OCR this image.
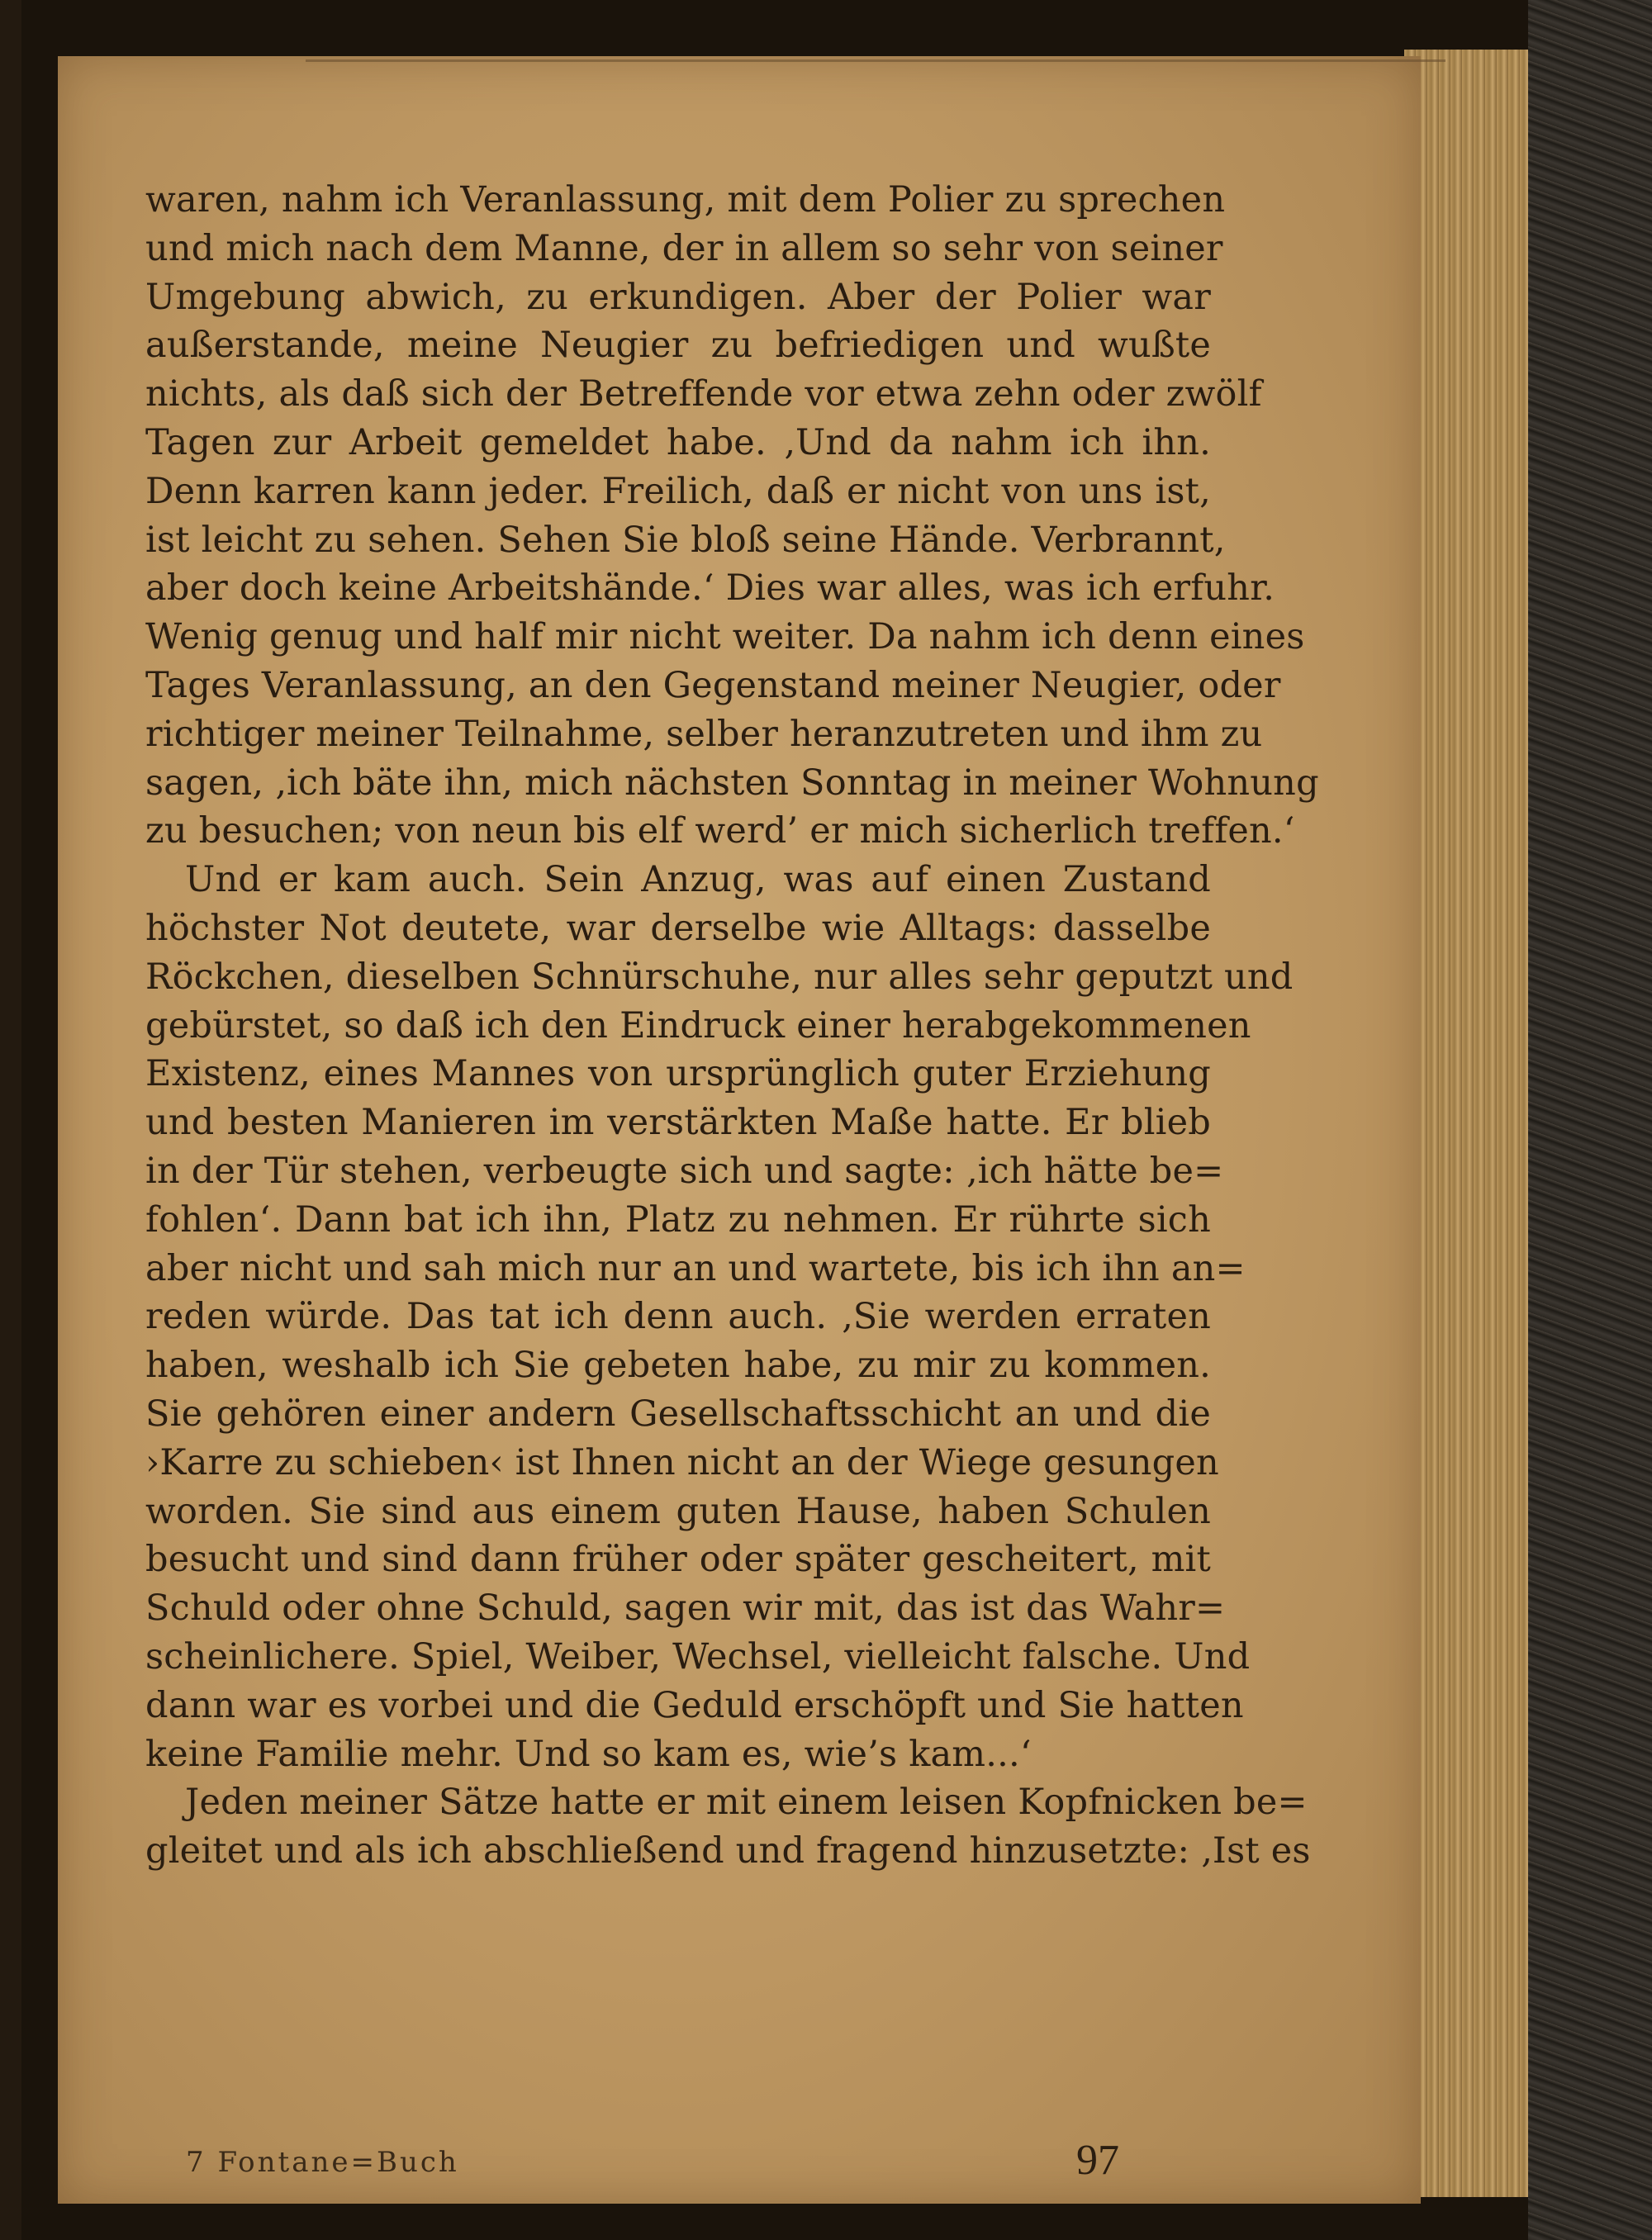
waren, nahm ich Veranlassung, mit dem Polier zu sprechen
und mich nach dem Manne, der in allem so sehr von seiner
Umgebung abwich, zu erkundigen. Aber der Polier war
außerstande, meine Neugier zu befriedigen und wußte
nichts, als daß sich der Betreffende vor etwa zehn oder zwölf
Tagen zur Arbeit gemeldet habe. ‚Und da nahm ich ihn.
Denn karren kann jeder. Freilich, daß er nicht von uns ist,
ist leicht zu sehen. Sehen Sie bloß seine Hände. Verbrannt,
aber doch keine Arbeitshände.‘ Dies war alles, was ich erfuhr.
Wenig genug und half mir nicht weiter. Da nahm ich denn eines
Tages Veranlassung, an den Gegenstand meiner Neugier, oder
richtiger meiner Teilnahme, selber heranzutreten und ihm zu
sagen, ‚ich bäte ihn, mich nächsten Sonntag in meiner Wohnung
zu besuchen; von neun bis elf werd’ er mich sicherlich treffen.‘
Und er kam auch. Sein Anzug, was auf einen Zustand
höchster Not deutete, war derselbe wie Alltags: dasselbe
Röckchen, dieselben Schnürschuhe, nur alles sehr geputzt und
gebürstet, so daß ich den Eindruck einer herabgekommenen
Existenz, eines Mannes von ursprünglich guter Erziehung
und besten Manieren im verstärkten Maße hatte. Er blieb
in der Tür stehen, verbeugte sich und sagte: ‚ich hätte be=
fohlen‘. Dann bat ich ihn, Platz zu nehmen. Er rührte sich
aber nicht und sah mich nur an und wartete, bis ich ihn an=
reden würde. Das tat ich denn auch. ‚Sie werden erraten
haben, weshalb ich Sie gebeten habe, zu mir zu kommen.
Sie gehören einer andern Gesellschaftsschicht an und die
›Karre zu schieben‹ ist Ihnen nicht an der Wiege gesungen
worden. Sie sind aus einem guten Hause, haben Schulen
besucht und sind dann früher oder später gescheitert, mit
Schuld oder ohne Schuld, sagen wir mit, das ist das Wahr=
scheinlichere. Spiel, Weiber, Wechsel, vielleicht falsche. Und
dann war es vorbei und die Geduld erschöpft und Sie hatten
keine Familie mehr. Und so kam es, wie’s kam...‘
Jeden meiner Sätze hatte er mit einem leisen Kopfnicken be=
gleitet und als ich abschließend und fragend hinzusetzte: ‚Ist es
7 Fontane=Buch	97
